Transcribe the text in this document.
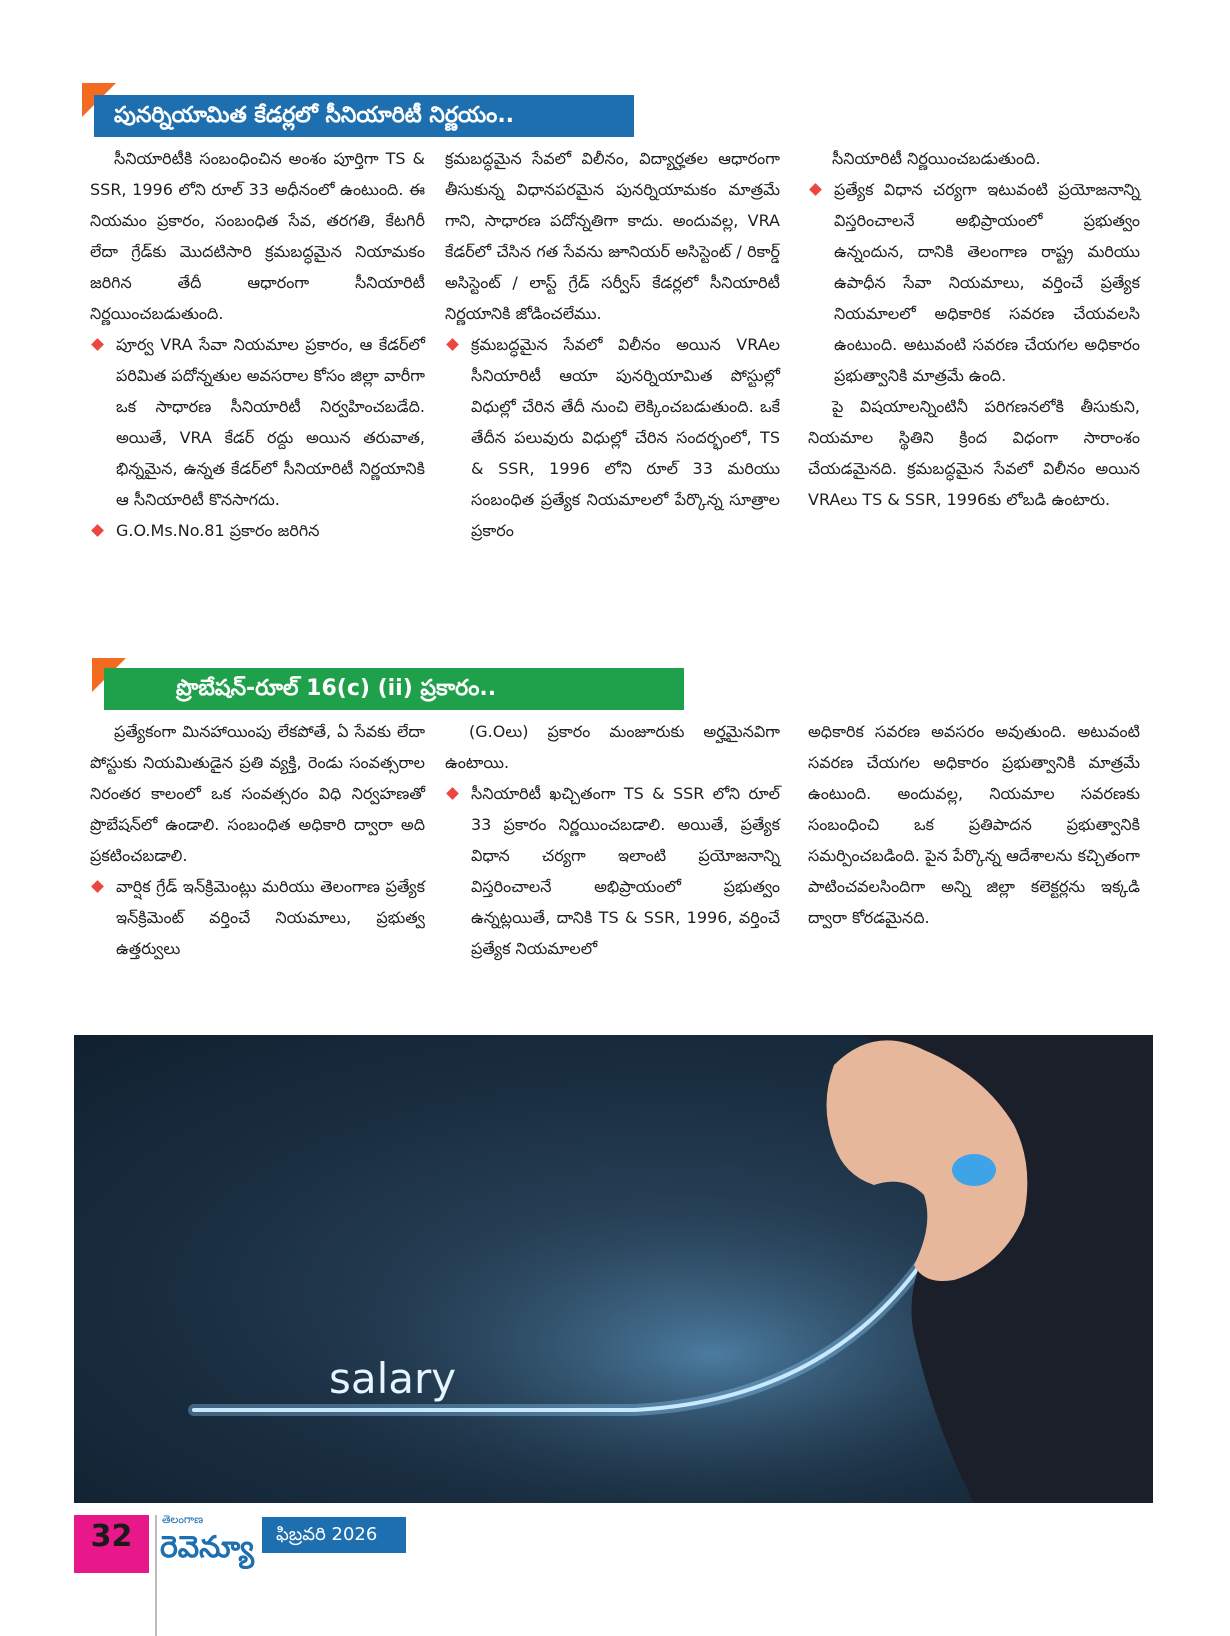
పునర్నియామిత కేడర్లలో సీనియారిటీ నిర్ణయం..

సీనియారిటీకి సంబంధించిన అంశం పూర్తిగా TS & SSR, 1996 లోని రూల్ 33 అధీనంలో ఉంటుంది. ఈ నియమం ప్రకారం, సంబంధిత సేవ, తరగతి, కేటగిరీ లేదా గ్రేడ్‌కు మొదటిసారి క్రమబద్ధమైన నియామకం జరిగిన తేదీ ఆధారంగా సీనియారిటీ నిర్ణయించబడుతుంది.

పూర్వ VRA సేవా నియమాల ప్రకారం, ఆ కేడర్‌లో పరిమిత పదోన్నతుల అవసరాల కోసం జిల్లా వారీగా ఒక సాధారణ సీనియారిటీ నిర్వహించబడేది. అయితే, VRA కేడర్ రద్దు అయిన తరువాత, భిన్నమైన, ఉన్నత కేడర్‌లో సీనియారిటీ నిర్ణయానికి ఆ సీనియారిటీ కొనసాగదు.
G.O.Ms.No.81 ప్రకారం జరిగిన

క్రమబద్ధమైన సేవలో విలీనం, విద్యార్హతల ఆధారంగా తీసుకున్న విధానపరమైన పునర్నియామకం మాత్రమే గాని, సాధారణ పదోన్నతిగా కాదు. అందువల్ల, VRA కేడర్‌లో చేసిన గత సేవను జూనియర్ అసిస్టెంట్ / రికార్డ్ అసిస్టెంట్ / లాస్ట్ గ్రేడ్ సర్వీస్ కేడర్లలో సీనియారిటీ నిర్ణయానికి జోడించలేము.

క్రమబద్ధమైన సేవలో విలీనం అయిన VRAల సీనియారిటీ ఆయా పునర్నియామిత పోస్టుల్లో విధుల్లో చేరిన తేదీ నుంచి లెక్కించబడుతుంది. ఒకే తేదీన పలువురు విధుల్లో చేరిన సందర్భంలో, TS & SSR, 1996 లోని రూల్ 33 మరియు సంబంధిత ప్రత్యేక నియమాలలో పేర్కొన్న సూత్రాల ప్రకారం

సీనియారిటీ నిర్ణయించబడుతుంది.

ప్రత్యేక విధాన చర్యగా ఇటువంటి ప్రయోజనాన్ని విస్తరించాలనే అభిప్రాయంలో ప్రభుత్వం ఉన్నందున, దానికి తెలంగాణ రాష్ట్ర మరియు ఉపాధీన సేవా నియమాలు, వర్తించే ప్రత్యేక నియమాలలో అధికారిక సవరణ చేయవలసి ఉంటుంది. అటువంటి సవరణ చేయగల అధికారం ప్రభుత్వానికి మాత్రమే ఉంది.

పై విషయాలన్నింటినీ పరిగణనలోకి తీసుకుని, నియమాల స్థితిని క్రింద విధంగా సారాంశం చేయడమైనది. క్రమబద్ధమైన సేవలో విలీనం అయిన VRAలు TS & SSR, 1996కు లోబడి ఉంటారు.

ప్రొబేషన్-రూల్ 16(c) (ii) ప్రకారం..

ప్రత్యేకంగా మినహాయింపు లేకపోతే, ఏ సేవకు లేదా పోస్టుకు నియమితుడైన ప్రతి వ్యక్తి, రెండు సంవత్సరాల నిరంతర కాలంలో ఒక సంవత్సరం విధి నిర్వహణతో ప్రొబేషన్‌లో ఉండాలి. సంబంధిత అధికారి ద్వారా అది ప్రకటించబడాలి.

వార్షిక గ్రేడ్ ఇన్‌క్రిమెంట్లు మరియు తెలంగాణ ప్రత్యేక ఇన్‌క్రిమెంట్ వర్తించే నియమాలు, ప్రభుత్వ ఉత్తర్వులు

(G.Oలు) ప్రకారం మంజూరుకు అర్హమైనవిగా ఉంటాయి.

సీనియారిటీ ఖచ్చితంగా TS & SSR లోని రూల్ 33 ప్రకారం నిర్ణయించబడాలి. అయితే, ప్రత్యేక విధాన చర్యగా ఇలాంటి ప్రయోజనాన్ని విస్తరించాలనే అభిప్రాయంలో ప్రభుత్వం ఉన్నట్లయితే, దానికి TS & SSR, 1996, వర్తించే ప్రత్యేక నియమాలలో

అధికారిక సవరణ అవసరం అవుతుంది. అటువంటి సవరణ చేయగల అధికారం ప్రభుత్వానికి మాత్రమే ఉంటుంది. అందువల్ల, నియమాల సవరణకు సంబంధించి ఒక ప్రతిపాదన ప్రభుత్వానికి సమర్పించబడింది. పైన పేర్కొన్న ఆదేశాలను కచ్చితంగా పాటించవలసిందిగా అన్ని జిల్లా కలెక్టర్లను ఇక్కడి ద్వారా కోరడమైనది.

salary
32	తెలంగాణ
రెవెన్యూ	ఫిబ్రవరి 2026
